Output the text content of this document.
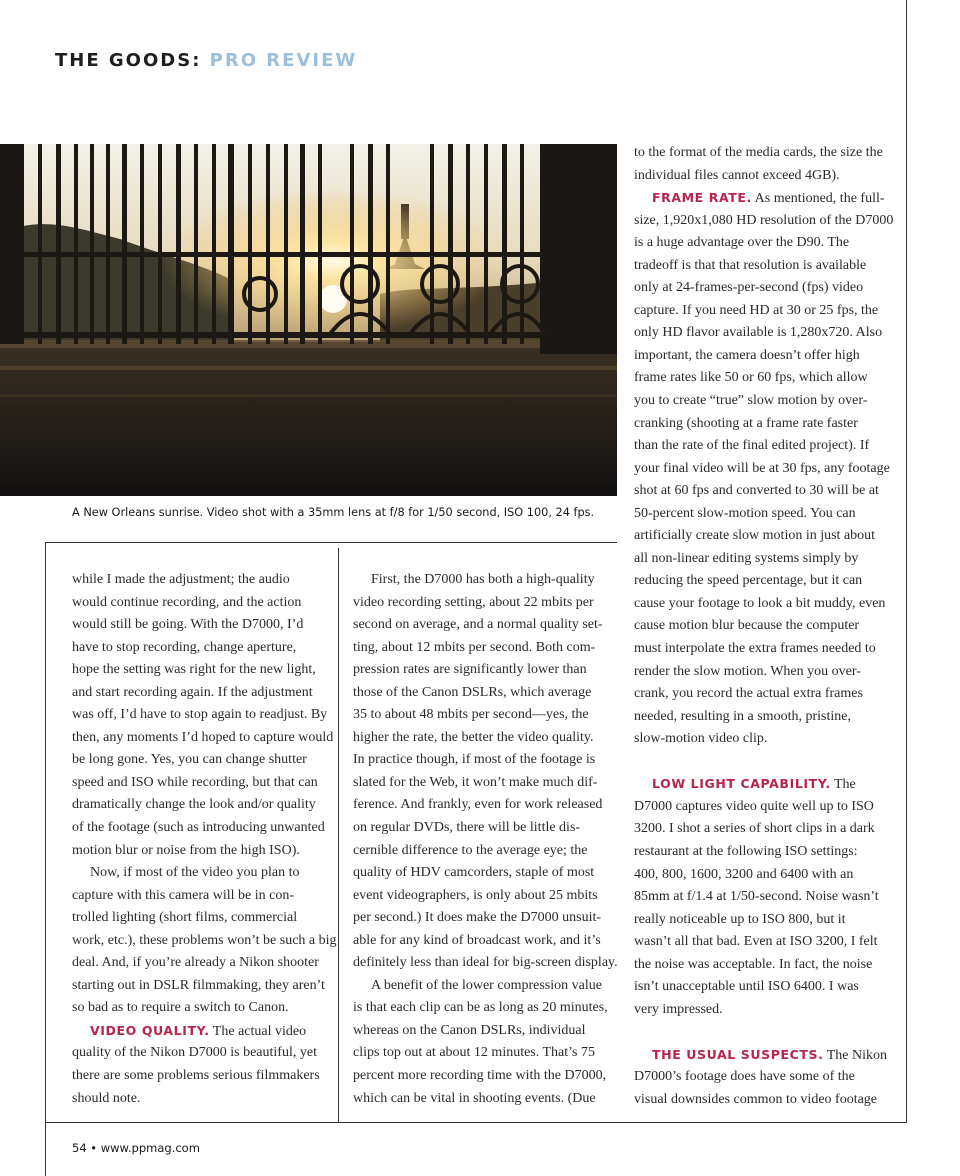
THE GOODS: PRO REVIEW
A New Orleans sunrise. Video shot with a 35mm lens at f/8 for 1/50 second, ISO 100, 24 fps.
while I made the adjustment; the audio
would continue recording, and the action
would still be going. With the D7000, I’d
have to stop recording, change aperture,
hope the setting was right for the new light,
and start recording again. If the adjustment
was off, I’d have to stop again to readjust. By
then, any moments I’d hoped to capture would
be long gone. Yes, you can change shutter
speed and ISO while recording, but that can
dramatically change the look and/or quality
of the footage (such as introducing unwanted
motion blur or noise from the high ISO).
Now, if most of the video you plan to
capture with this camera will be in con-
trolled lighting (short films, commercial
work, etc.), these problems won’t be such a big
deal. And, if you’re already a Nikon shooter
starting out in DSLR filmmaking, they aren’t
so bad as to require a switch to Canon.
VIDEO QUALITY. The actual video
quality of the Nikon D7000 is beautiful, yet
there are some problems serious filmmakers
should note.
First, the D7000 has both a high-quality
video recording setting, about 22 mbits per
second on average, and a normal quality set-
ting, about 12 mbits per second. Both com-
pression rates are significantly lower than
those of the Canon DSLRs, which average
35 to about 48 mbits per second—yes, the
higher the rate, the better the video quality.
In practice though, if most of the footage is
slated for the Web, it won’t make much dif-
ference. And frankly, even for work released
on regular DVDs, there will be little dis-
cernible difference to the average eye; the
quality of HDV camcorders, staple of most
event videographers, is only about 25 mbits
per second.) It does make the D7000 unsuit-
able for any kind of broadcast work, and it’s
definitely less than ideal for big-screen display.
A benefit of the lower compression value
is that each clip can be as long as 20 minutes,
whereas on the Canon DSLRs, individual
clips top out at about 12 minutes. That’s 75
percent more recording time with the D7000,
which can be vital in shooting events. (Due
to the format of the media cards, the size the
individual files cannot exceed 4GB).
FRAME RATE. As mentioned, the full-
size, 1,920x1,080 HD resolution of the D7000
is a huge advantage over the D90. The
tradeoff is that that resolution is available
only at 24-frames-per-second (fps) video
capture. If you need HD at 30 or 25 fps, the
only HD flavor available is 1,280x720. Also
important, the camera doesn’t offer high
frame rates like 50 or 60 fps, which allow
you to create “true” slow motion by over-
cranking (shooting at a frame rate faster
than the rate of the final edited project). If
your final video will be at 30 fps, any footage
shot at 60 fps and converted to 30 will be at
50-percent slow-motion speed. You can
artificially create slow motion in just about
all non-linear editing systems simply by
reducing the speed percentage, but it can
cause your footage to look a bit muddy, even
cause motion blur because the computer
must interpolate the extra frames needed to
render the slow motion. When you over-
crank, you record the actual extra frames
needed, resulting in a smooth, pristine,
slow-motion video clip.
LOW LIGHT CAPABILITY. The
D7000 captures video quite well up to ISO
3200. I shot a series of short clips in a dark
restaurant at the following ISO settings:
400, 800, 1600, 3200 and 6400 with an
85mm at f/1.4 at 1/50-second. Noise wasn’t
really noticeable up to ISO 800, but it
wasn’t all that bad. Even at ISO 3200, I felt
the noise was acceptable. In fact, the noise
isn’t unacceptable until ISO 6400. I was
very impressed.
THE USUAL SUSPECTS. The Nikon
D7000’s footage does have some of the
visual downsides common to video footage
54 • www.ppmag.com
